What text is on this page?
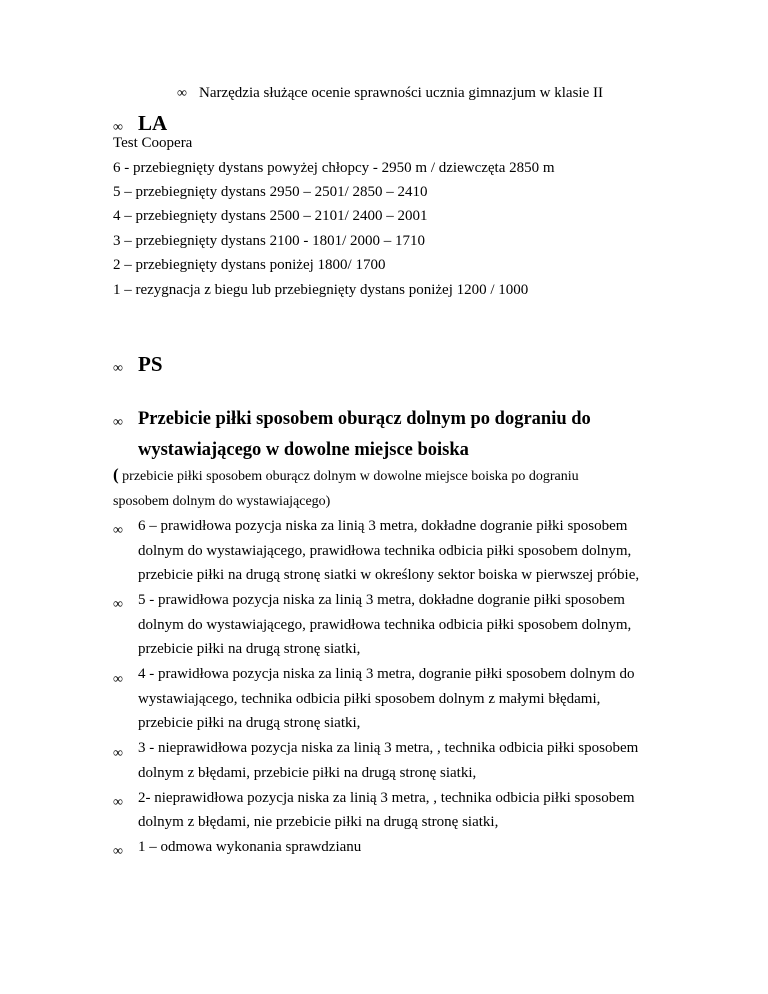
∞ Narzędzia służące ocenie sprawności ucznia gimnazjum w klasie II
∞ LA
Test Coopera
6 - przebiegnięty dystans powyżej chłopcy - 2950 m / dziewczęta 2850 m
5 – przebiegnięty dystans 2950 – 2501/ 2850 – 2410
4 – przebiegnięty dystans 2500 – 2101/ 2400 – 2001
3 – przebiegnięty dystans 2100 - 1801/ 2000 – 1710
2 – przebiegnięty dystans poniżej 1800/ 1700
1 – rezygnacja z biegu lub przebiegnięty dystans poniżej 1200 / 1000
∞ PS
∞ Przebicie piłki sposobem oburącz dolnym po dograniu do
wystawiającego w dowolne miejsce boiska
( przebicie piłki sposobem oburącz dolnym w dowolne miejsce boiska po dograniu
sposobem dolnym do wystawiającego)
∞ 6 – prawidłowa pozycja niska za linią 3 metra, dokładne dogranie piłki sposobem
dolnym do wystawiającego, prawidłowa technika odbicia piłki sposobem dolnym,
przebicie piłki na drugą stronę siatki w określony sektor boiska w pierwszej próbie,
∞ 5 - prawidłowa pozycja niska za linią 3 metra, dokładne dogranie piłki sposobem
dolnym do wystawiającego, prawidłowa technika odbicia piłki sposobem dolnym,
przebicie piłki na drugą stronę siatki,
∞ 4 - prawidłowa pozycja niska za linią 3 metra, dogranie piłki sposobem dolnym do
wystawiającego, technika odbicia piłki sposobem dolnym z małymi błędami,
przebicie piłki na drugą stronę siatki,
∞ 3 - nieprawidłowa pozycja niska za linią 3 metra, , technika odbicia piłki sposobem
dolnym z błędami, przebicie piłki na drugą stronę siatki,
∞ 2- nieprawidłowa pozycja niska za linią 3 metra, , technika odbicia piłki sposobem
dolnym z błędami, nie przebicie piłki na drugą stronę siatki,
∞ 1 – odmowa wykonania sprawdzianu
